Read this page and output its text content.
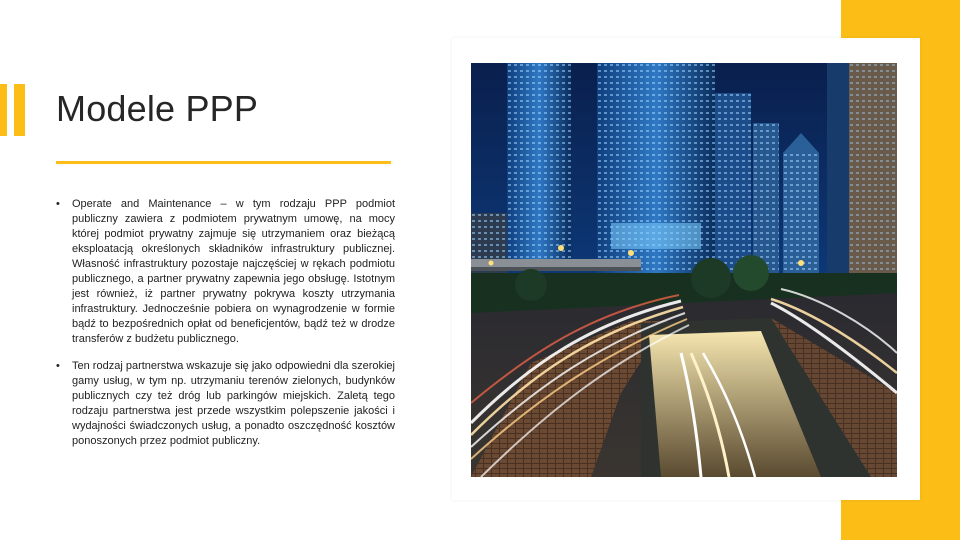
Modele PPP

• Operate and Maintenance – w tym rodzaju PPP podmiot publiczny zawiera z podmiotem prywatnym umowę, na mocy której podmiot prywatny zajmuje się utrzymaniem oraz bieżącą eksploatacją określonych składników infrastruktury publicznej. Własność infrastruktury pozostaje najczęściej w rękach podmiotu publicznego, a partner prywatny zapewnia jego obsługę. Istotnym jest również, iż partner prywatny pokrywa koszty utrzymania infrastruktury. Jednocześnie pobiera on wynagrodzenie w formie bądź to bezpośrednich opłat od beneficjentów, bądź też w drodze transferów z budżetu publicznego.

• Ten rodzaj partnerstwa wskazuje się jako odpowiedni dla szerokiej gamy usług, w tym np. utrzymaniu terenów zielonych, budynków publicznych czy też dróg lub parkingów miejskich. Zaletą tego rodzaju partnerstwa jest przede wszystkim polepszenie jakości i wydajności świadczonych usług, a ponadto oszczędność kosztów ponoszonych przez podmiot publiczny.
